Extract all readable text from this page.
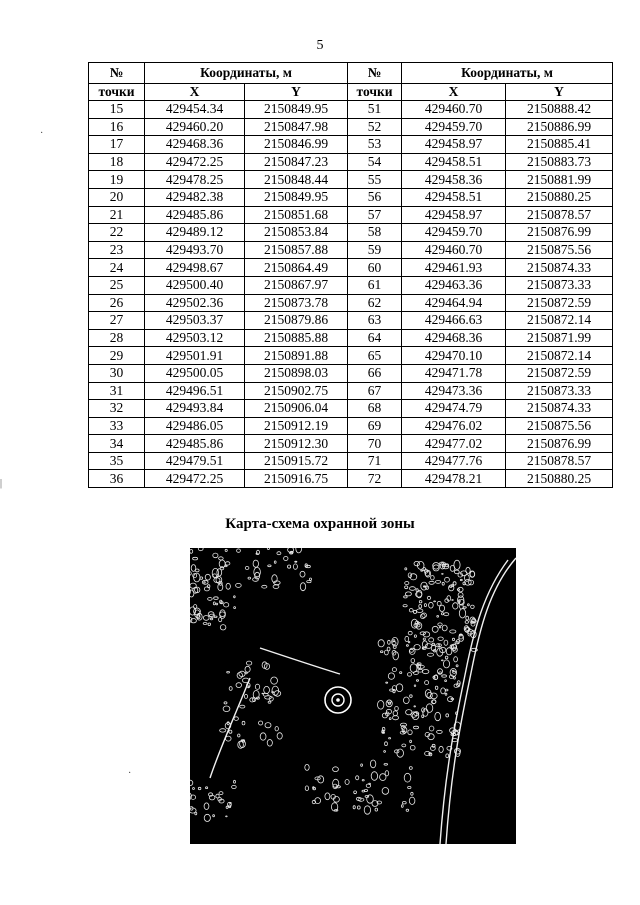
5
№	Координаты, м		№	Координаты, м	
точки	X	Y	точки	X	Y
15	429454.34	2150849.95	51	429460.70	2150888.42
16	429460.20	2150847.98	52	429459.70	2150886.99
17	429468.36	2150846.99	53	429458.97	2150885.41
18	429472.25	2150847.23	54	429458.51	2150883.73
19	429478.25	2150848.44	55	429458.36	2150881.99
20	429482.38	2150849.95	56	429458.51	2150880.25
21	429485.86	2150851.68	57	429458.97	2150878.57
22	429489.12	2150853.84	58	429459.70	2150876.99
23	429493.70	2150857.88	59	429460.70	2150875.56
24	429498.67	2150864.49	60	429461.93	2150874.33
25	429500.40	2150867.97	61	429463.36	2150873.33
26	429502.36	2150873.78	62	429464.94	2150872.59
27	429503.37	2150879.86	63	429466.63	2150872.14
28	429503.12	2150885.88	64	429468.36	2150871.99
29	429501.91	2150891.88	65	429470.10	2150872.14
30	429500.05	2150898.03	66	429471.78	2150872.59
31	429496.51	2150902.75	67	429473.36	2150873.33
32	429493.84	2150906.04	68	429474.79	2150874.33
33	429486.05	2150912.19	69	429476.02	2150875.56
34	429485.86	2150912.30	70	429477.02	2150876.99
35	429479.51	2150915.72	71	429477.76	2150878.57
36	429472.25	2150916.75	72	429478.21	2150880.25
Карта-схема охранной зоны
·
|
·
